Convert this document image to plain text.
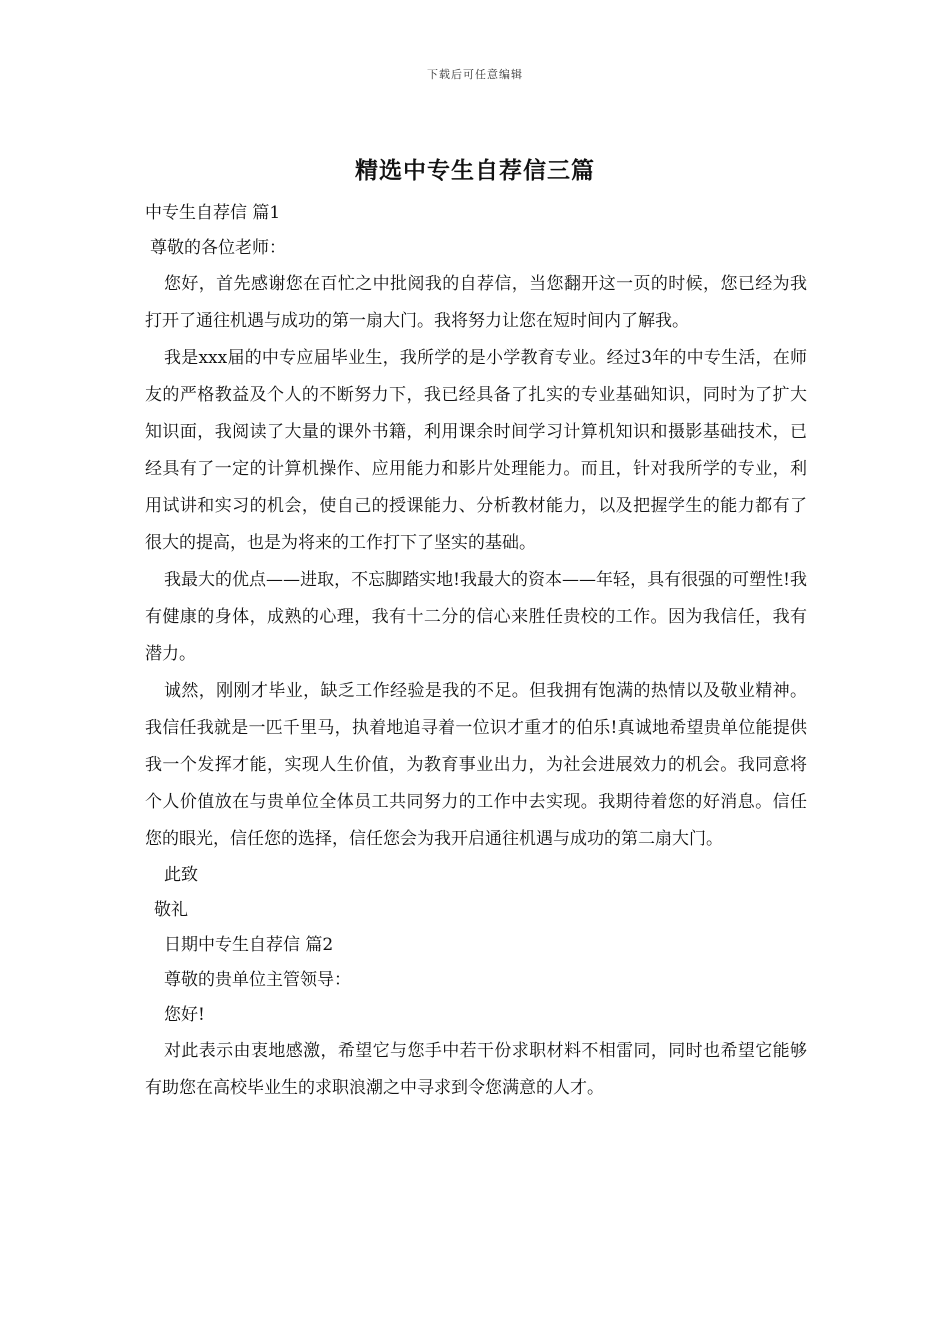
下载后可任意编辑
精选中专生自荐信三篇
中专生自荐信 篇1
尊敬的各位老师：

您好，首先感谢您在百忙之中批阅我的自荐信，当您翻开这一页的时候，您已经为我打开了通往机遇与成功的第一扇大门。我将努力让您在短时间内了解我。

我是xxx届的中专应届毕业生，我所学的是小学教育专业。经过3年的中专生活，在师友的严格教益及个人的不断努力下，我已经具备了扎实的专业基础知识，同时为了扩大知识面，我阅读了大量的课外书籍，利用课余时间学习计算机知识和摄影基础技术，已经具有了一定的计算机操作、应用能力和影片处理能力。而且，针对我所学的专业，利用试讲和实习的机会，使自己的授课能力、分析教材能力，以及把握学生的能力都有了很大的提高，也是为将来的工作打下了坚实的基础。

我最大的优点——进取，不忘脚踏实地!我最大的资本——年轻，具有很强的可塑性!我有健康的身体，成熟的心理，我有十二分的信心来胜任贵校的工作。因为我信任，我有潜力。

诚然，刚刚才毕业，缺乏工作经验是我的不足。但我拥有饱满的热情以及敬业精神。我信任我就是一匹千里马，执着地追寻着一位识才重才的伯乐!真诚地希望贵单位能提供我一个发挥才能，实现人生价值，为教育事业出力，为社会进展效力的机会。我同意将个人价值放在与贵单位全体员工共同努力的工作中去实现。我期待着您的好消息。信任您的眼光，信任您的选择，信任您会为我开启通往机遇与成功的第二扇大门。

此致
敬礼
日期中专生自荐信 篇2
尊敬的贵单位主管领导：
您好!

对此表示由衷地感激，希望它与您手中若干份求职材料不相雷同，同时也希望它能够有助您在高校毕业生的求职浪潮之中寻求到令您满意的人才。
